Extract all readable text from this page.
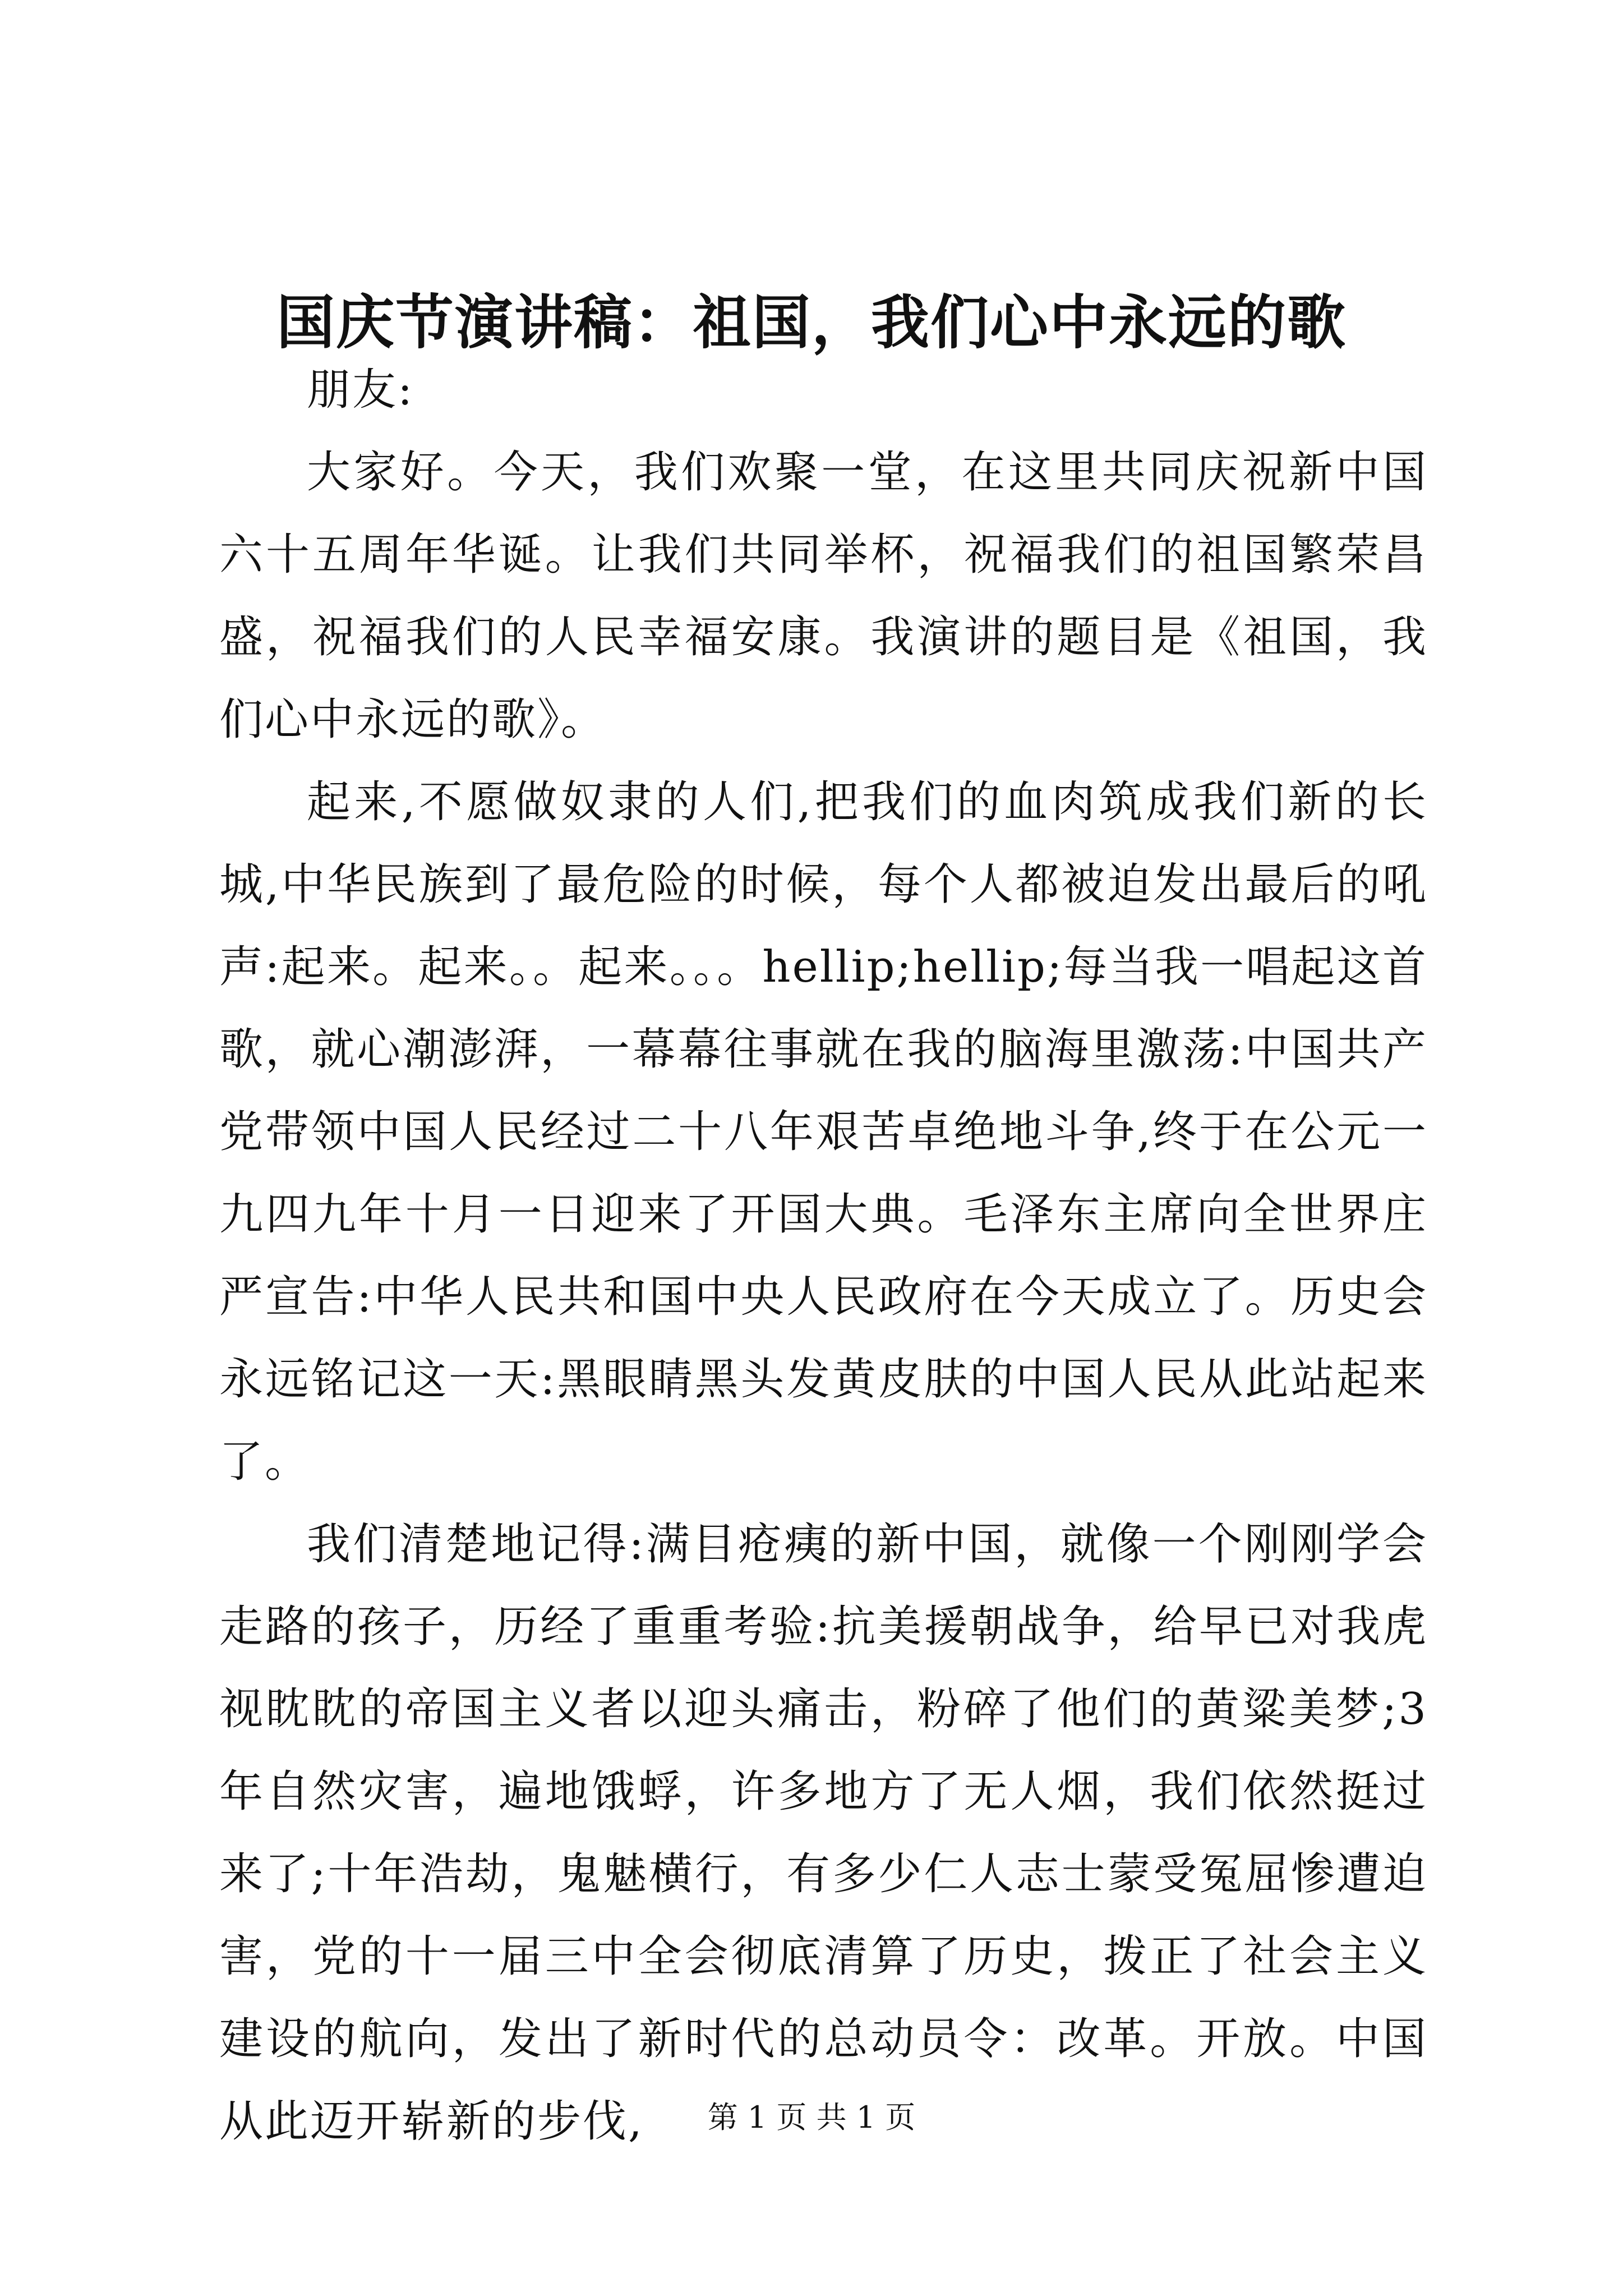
国庆节演讲稿：祖国，我们心中永远的歌

朋友:

大家好。今天，我们欢聚一堂，在这里共同庆祝新中国六十五周年华诞。让我们共同举杯，祝福我们的祖国繁荣昌盛，祝福我们的人民幸福安康。我演讲的题目是《祖国，我们心中永远的歌》。

起来,不愿做奴隶的人们,把我们的血肉筑成我们新的长城,中华民族到了最危险的时候，每个人都被迫发出最后的吼声:起来。起来。。起来。。。hellip;hellip;每当我一唱起这首歌，就心潮澎湃，一幕幕往事就在我的脑海里激荡:中国共产党带领中国人民经过二十八年艰苦卓绝地斗争,终于在公元一九四九年十月一日迎来了开国大典。毛泽东主席向全世界庄严宣告:中华人民共和国中央人民政府在今天成立了。历史会永远铭记这一天:黑眼睛黑头发黄皮肤的中国人民从此站起来了。

我们清楚地记得:满目疮痍的新中国，就像一个刚刚学会走路的孩子，历经了重重考验:抗美援朝战争，给早已对我虎视眈眈的帝国主义者以迎头痛击，粉碎了他们的黄粱美梦;3年自然灾害，遍地饿蜉，许多地方了无人烟，我们依然挺过来了;十年浩劫，鬼魅横行，有多少仁人志士蒙受冤屈惨遭迫害，党的十一届三中全会彻底清算了历史，拨正了社会主义建设的航向，发出了新时代的总动员令：改革。开放。中国从此迈开崭新的步伐,	第 1 页 共 1 页
